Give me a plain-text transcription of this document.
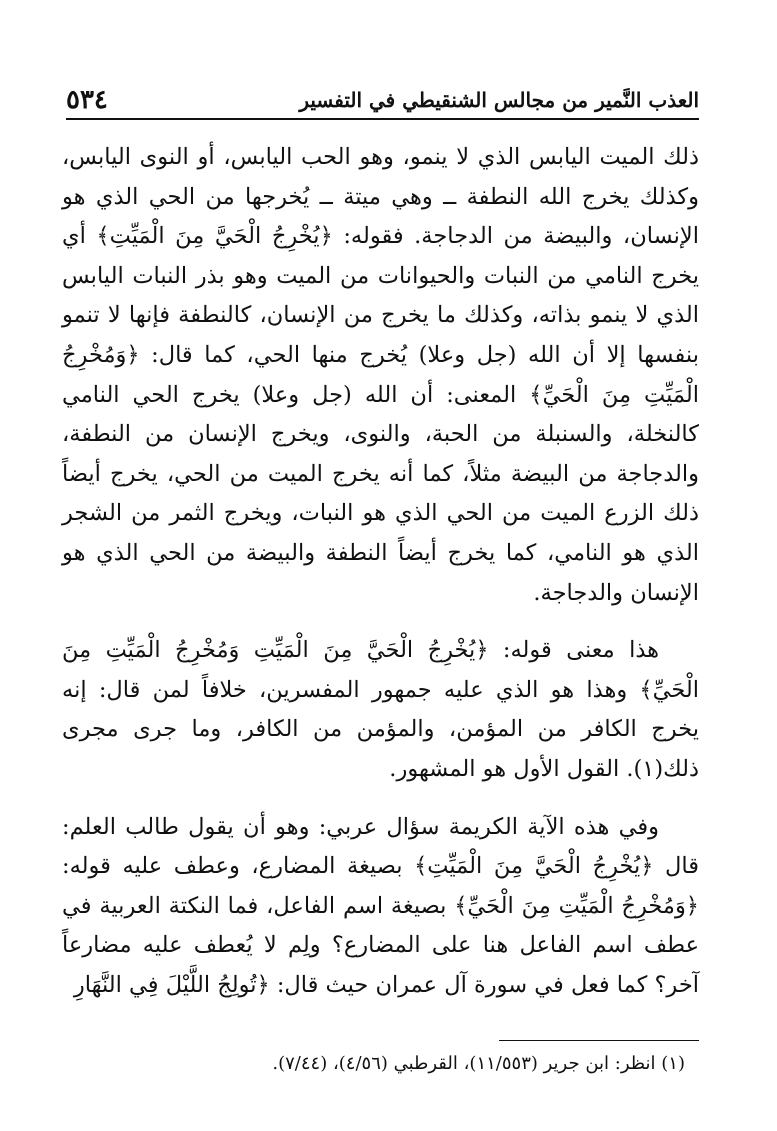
العذب النَّمير من مجالس الشنقيطي في التفسير
٥٣٤

ذلك الميت اليابس الذي لا ينمو، وهو الحب اليابس، أو النوى اليابس، وكذلك يخرج الله النطفة ــ وهي ميتة ــ يُخرجها من الحي الذي هو الإنسان، والبيضة من الدجاجة. فقوله: ﴿يُخْرِجُ الْحَيَّ مِنَ الْمَيِّتِ﴾ أي يخرج النامي من النبات والحيوانات من الميت وهو بذر النبات اليابس الذي لا ينمو بذاته، وكذلك ما يخرج من الإنسان، كالنطفة فإنها لا تنمو بنفسها إلا أن الله (جل وعلا) يُخرج منها الحي، كما قال: ﴿وَمُخْرِجُ الْمَيِّتِ مِنَ الْحَيِّ﴾ المعنى: أن الله (جل وعلا) يخرج الحي النامي كالنخلة، والسنبلة من الحبة، والنوى، ويخرج الإنسان من النطفة، والدجاجة من البيضة مثلاً، كما أنه يخرج الميت من الحي، يخرج أيضاً ذلك الزرع الميت من الحي الذي هو النبات، ويخرج الثمر من الشجر الذي هو النامي، كما يخرج أيضاً النطفة والبيضة من الحي الذي هو الإنسان والدجاجة.

هذا معنى قوله: ﴿يُخْرِجُ الْحَيَّ مِنَ الْمَيِّتِ وَمُخْرِجُ الْمَيِّتِ مِنَ الْحَيِّ﴾ وهذا هو الذي عليه جمهور المفسرين، خلافاً لمن قال: إنه يخرج الكافر من المؤمن، والمؤمن من الكافر، وما جرى مجرى ذلك(١). القول الأول هو المشهور.

وفي هذه الآية الكريمة سؤال عربي: وهو أن يقول طالب العلم: قال ﴿يُخْرِجُ الْحَيَّ مِنَ الْمَيِّتِ﴾ بصيغة المضارع، وعطف عليه قوله: ﴿وَمُخْرِجُ الْمَيِّتِ مِنَ الْحَيِّ﴾ بصيغة اسم الفاعل، فما النكتة العربية في عطف اسم الفاعل هنا على المضارع؟ ولِم لا يُعطف عليه مضارعاً آخر؟ كما فعل في سورة آل عمران حيث قال: ﴿تُولِجُ اللَّيْلَ فِي النَّهَارِ

(١) انظر: ابن جرير (١١/٥٥٣)، القرطبي (٤/٥٦)، (٧/٤٤).
